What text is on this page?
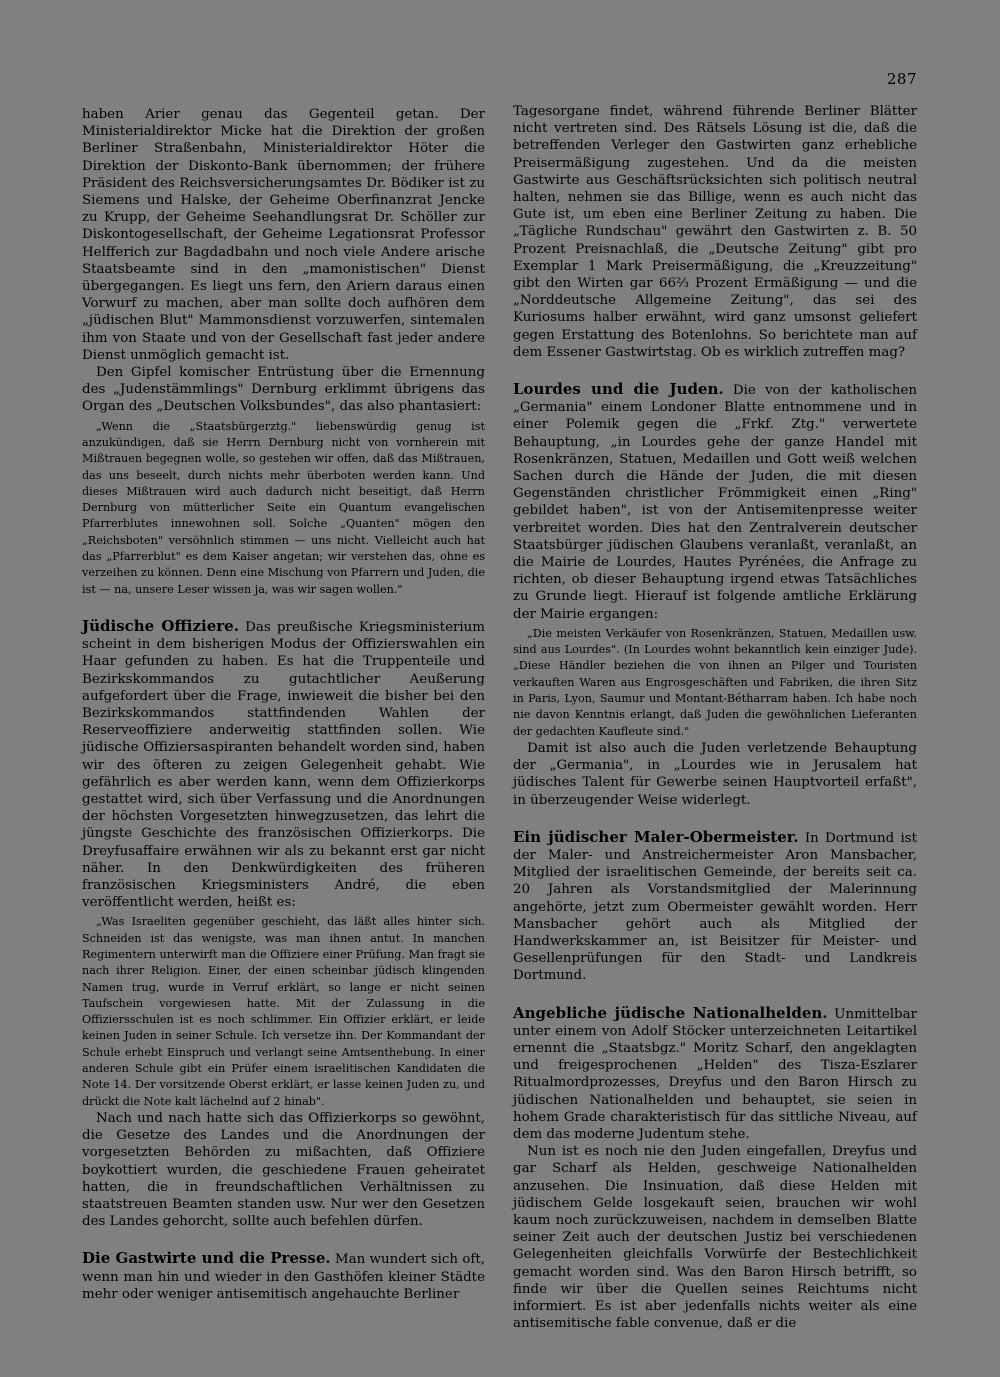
287

haben Arier genau das Gegenteil getan. Der Ministerialdirektor Micke hat die Direktion der großen Berliner Straßenbahn, Ministerialdirektor Höter die Direktion der Diskonto-Bank übernommen; der frühere Präsident des Reichsversicherungsamtes Dr. Bödiker ist zu Siemens und Halske, der Geheime Oberfinanzrat Jencke zu Krupp, der Geheime Seehandlungsrat Dr. Schöller zur Diskontogesellschaft, der Geheime Legationsrat Professor Helfferich zur Bagdadbahn und noch viele Andere arische Staatsbeamte sind in den „mamonistischen" Dienst übergegangen. Es liegt uns fern, den Ariern daraus einen Vorwurf zu machen, aber man sollte doch aufhören dem „jüdischen Blut" Mammonsdienst vorzuwerfen, sintemalen ihm von Staate und von der Gesellschaft fast jeder andere Dienst unmöglich gemacht ist.

Den Gipfel komischer Entrüstung über die Ernennung des „Judenstämmlings" Dernburg erklimmt übrigens das Organ des „Deutschen Volksbundes", das also phantasiert:

„Wenn die „Staatsbürgerztg." liebenswürdig genug ist anzukündigen, daß sie Herrn Dernburg nicht von vornherein mit Mißtrauen begegnen wolle, so gestehen wir offen, daß das Mißtrauen, das uns beseelt, durch nichts mehr überboten werden kann. Und dieses Mißtrauen wird auch dadurch nicht beseitigt, daß Herrn Dernburg von mütterlicher Seite ein Quantum evangelischen Pfarrerblutes innewohnen soll. Solche „Quanten" mögen den „Reichsboten" versöhnlich stimmen — uns nicht. Vielleicht auch hat das „Pfarrerblut" es dem Kaiser angetan; wir verstehen das, ohne es verzeihen zu können. Denn eine Mischung von Pfarrern und Juden, die ist — na, unsere Leser wissen ja, was wir sagen wollen."

Jüdische Offiziere. Das preußische Kriegsministerium scheint in dem bisherigen Modus der Offizierswahlen ein Haar gefunden zu haben. Es hat die Truppenteile und Bezirkskommandos zu gutachtlicher Aeußerung aufgefordert über die Frage, inwieweit die bisher bei den Bezirkskommandos stattfindenden Wahlen der Reserveoffiziere anderweitig stattfinden sollen. Wie jüdische Offiziersaspiranten behandelt worden sind, haben wir des öfteren zu zeigen Gelegenheit gehabt. Wie gefährlich es aber werden kann, wenn dem Offizierkorps gestattet wird, sich über Verfassung und die Anordnungen der höchsten Vorgesetzten hinwegzusetzen, das lehrt die jüngste Geschichte des französischen Offizierkorps. Die Dreyfusaffaire erwähnen wir als zu bekannt erst gar nicht näher. In den Denkwürdigkeiten des früheren französischen Kriegsministers André, die eben veröffentlicht werden, heißt es:

„Was Israeliten gegenüber geschieht, das läßt alles hinter sich. Schneiden ist das wenigste, was man ihnen antut. In manchen Regimentern unterwirft man die Offiziere einer Prüfung. Man fragt sie nach ihrer Religion. Einer, der einen scheinbar jüdisch klingenden Namen trug, wurde in Verruf erklärt, so lange er nicht seinen Taufschein vorgewiesen hatte. Mit der Zulassung in die Offiziersschulen ist es noch schlimmer. Ein Offizier erklärt, er leide keinen Juden in seiner Schule. Ich versetze ihn. Der Kommandant der Schule erhebt Einspruch und verlangt seine Amtsenthebung. In einer anderen Schule gibt ein Prüfer einem israelitischen Kandidaten die Note 14. Der vorsitzende Oberst erklärt, er lasse keinen Juden zu, und drückt die Note kalt lächelnd auf 2 hinab".

Nach und nach hatte sich das Offizierkorps so gewöhnt, die Gesetze des Landes und die Anordnungen der vorgesetzten Behörden zu mißachten, daß Offiziere boykottiert wurden, die geschiedene Frauen geheiratet hatten, die in freundschaftlichen Verhältnissen zu staatstreuen Beamten standen usw. Nur wer den Gesetzen des Landes gehorcht, sollte auch befehlen dürfen.

Die Gastwirte und die Presse. Man wundert sich oft, wenn man hin und wieder in den Gasthöfen kleiner Städte mehr oder weniger antisemitisch angehauchte Berliner

Tagesorgane findet, während führende Berliner Blätter nicht vertreten sind. Des Rätsels Lösung ist die, daß die betreffenden Verleger den Gastwirten ganz erhebliche Preisermäßigung zugestehen. Und da die meisten Gastwirte aus Geschäftsrücksichten sich politisch neutral halten, nehmen sie das Billige, wenn es auch nicht das Gute ist, um eben eine Berliner Zeitung zu haben. Die „Tägliche Rundschau" gewährt den Gastwirten z. B. 50 Prozent Preisnachlaß, die „Deutsche Zeitung" gibt pro Exemplar 1 Mark Preisermäßigung, die „Kreuzzeitung" gibt den Wirten gar 66⅔ Prozent Ermäßigung — und die „Norddeutsche Allgemeine Zeitung", das sei des Kuriosums halber erwähnt, wird ganz umsonst geliefert gegen Erstattung des Botenlohns. So berichtete man auf dem Essener Gastwirtstag. Ob es wirklich zutreffen mag?

Lourdes und die Juden. Die von der katholischen „Germania" einem Londoner Blatte entnommene und in einer Polemik gegen die „Frkf. Ztg." verwertete Behauptung, „in Lourdes gehe der ganze Handel mit Rosenkränzen, Statuen, Medaillen und Gott weiß welchen Sachen durch die Hände der Juden, die mit diesen Gegenständen christlicher Frömmigkeit einen „Ring" gebildet haben", ist von der Antisemitenpresse weiter verbreitet worden. Dies hat den Zentralverein deutscher Staatsbürger jüdischen Glaubens veranlaßt, veranlaßt, an die Mairie de Lourdes, Hautes Pyrénées, die Anfrage zu richten, ob dieser Behauptung irgend etwas Tatsächliches zu Grunde liegt. Hierauf ist folgende amtliche Erklärung der Mairie ergangen:

„Die meisten Verkäufer von Rosenkränzen, Statuen, Medaillen usw. sind aus Lourdes". (In Lourdes wohnt bekanntlich kein einziger Jude). „Diese Händler beziehen die von ihnen an Pilger und Touristen verkauften Waren aus Engrosgeschäften und Fabriken, die ihren Sitz in Paris, Lyon, Saumur und Montant-Bétharram haben. Ich habe noch nie davon Kenntnis erlangt, daß Juden die gewöhnlichen Lieferanten der gedachten Kaufleute sind."

Damit ist also auch die Juden verletzende Behauptung der „Germania", in „Lourdes wie in Jerusalem hat jüdisches Talent für Gewerbe seinen Hauptvorteil erfaßt", in überzeugender Weise widerlegt.

Ein jüdischer Maler-Obermeister. In Dortmund ist der Maler- und Anstreichermeister Aron Mansbacher, Mitglied der israelitischen Gemeinde, der bereits seit ca. 20 Jahren als Vorstandsmitglied der Malerinnung angehörte, jetzt zum Obermeister gewählt worden. Herr Mansbacher gehört auch als Mitglied der Handwerkskammer an, ist Beisitzer für Meister- und Gesellenprüfungen für den Stadt- und Landkreis Dortmund.

Angebliche jüdische Nationalhelden. Unmittelbar unter einem von Adolf Stöcker unterzeichneten Leitartikel ernennt die „Staatsbgz." Moritz Scharf, den angeklagten und freigesprochenen „Helden" des Tisza-Eszlarer Ritualmordprozesses, Dreyfus und den Baron Hirsch zu jüdischen Nationalhelden und behauptet, sie seien in hohem Grade charakteristisch für das sittliche Niveau, auf dem das moderne Judentum stehe.

Nun ist es noch nie den Juden eingefallen, Dreyfus und gar Scharf als Helden, geschweige Nationalhelden anzusehen. Die Insinuation, daß diese Helden mit jüdischem Gelde losgekauft seien, brauchen wir wohl kaum noch zurückzuweisen, nachdem in demselben Blatte seiner Zeit auch der deutschen Justiz bei verschiedenen Gelegenheiten gleichfalls Vorwürfe der Bestechlichkeit gemacht worden sind. Was den Baron Hirsch betrifft, so finde wir über die Quellen seines Reichtums nicht informiert. Es ist aber jedenfalls nichts weiter als eine antisemitische fable convenue, daß er die
